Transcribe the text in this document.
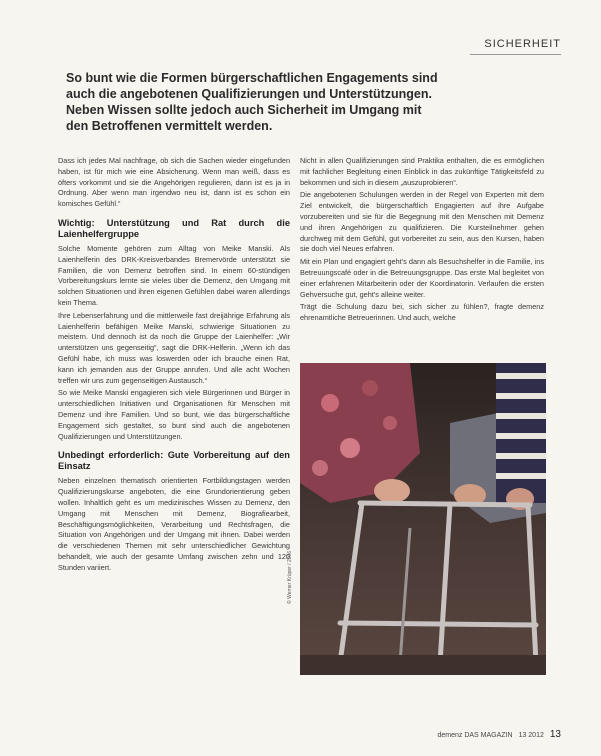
SICHERHEIT
So bunt wie die Formen bürgerschaftlichen Engagements sind auch die angebotenen Qualifizierungen und Unterstützungen. Neben Wissen sollte jedoch auch Sicherheit im Umgang mit den Betroffenen vermittelt werden.

Dass ich jedes Mal nachfrage, ob sich die Sachen wieder eingefunden haben, ist für mich wie eine Absicherung. Wenn man weiß, dass es öfters vorkommt und sie die Angehörigen regulieren, dann ist es ja in Ordnung. Aber wenn man irgendwo neu ist, dann ist es schon ein komisches Gefühl.“

Wichtig: Unterstützung und Rat durch die Laienhelfergruppe

Solche Momente gehören zum Alltag von Meike Manski. Als Laienhelferin des DRK-Kreisverbandes Bremervörde unterstützt sie Familien, die von Demenz betroffen sind. In einem 60-stündigen Vorbereitungskurs lernte sie vieles über die Demenz, den Umgang mit solchen Situationen und ihren eigenen Gefühlen dabei waren allerdings kein Thema.

Ihre Lebenserfahrung und die mittlerweile fast dreijährige Erfahrung als Laienhelferin befähigen Meike Manski, schwierige Situationen zu meistern. Und dennoch ist da noch die Gruppe der Laienhelfer: „Wir unterstützen uns gegenseitig“, sagt die DRK-Helferin. „Wenn ich das Gefühl habe, ich muss was loswerden oder ich brauche einen Rat, kann ich jemanden aus der Gruppe anrufen. Und alle acht Wochen treffen wir uns zum gegenseitigen Austausch.“

So wie Meike Manski engagieren sich viele Bürgerinnen und Bürger in unterschiedlichen Initiativen und Organisationen für Menschen mit Demenz und ihre Familien. Und so bunt, wie das bürgerschaftliche Engagement sich gestaltet, so bunt sind auch die angebotenen Qualifizierungen und Unterstützungen.

Unbedingt erforderlich: Gute Vorbereitung auf den Einsatz

Neben einzelnen thematisch orientierten Fortbildungstagen werden Qualifizierungskurse angeboten, die eine Grundorientierung geben wollen. Inhaltlich geht es um medizinisches Wissen zu Demenz, den Umgang mit Menschen mit Demenz, Biografiearbeit, Beschäftigungsmöglichkeiten, Verarbeitung und Rechtsfragen, die Situation von Angehörigen und der Umgang mit ihnen. Dabei werden die verschiedenen Themen mit sehr unterschiedlicher Gewichtung behandelt, wie auch der gesamte Umfang zwischen zehn und 120 Stunden variiert.

Nicht in allen Qualifizierungen sind Praktika enthalten, die es ermöglichen mit fachlicher Begleitung einen Einblick in das zukünftige Tätigkeitsfeld zu bekommen und sich in diesem „auszuprobieren“.

Die angebotenen Schulungen werden in der Regel von Experten mit dem Ziel entwickelt, die bürgerschaftlich Engagierten auf ihre Aufgabe vorzubereiten und sie für die Begegnung mit den Menschen mit Demenz und ihren Angehörigen zu qualifizieren. Die Kursteilnehmer gehen durchweg mit dem Gefühl, gut vorbereitet zu sein, aus den Kursen, haben sie doch viel Neues erfahren.

Mit ein Plan und engagiert geht's dann als Besuchshelfer in die Familie, ins Betreuungscafé oder in die Betreuungsgruppe. Das erste Mal begleitet von einer erfahrenen Mitarbeiterin oder der Koordinatorin. Verlaufen die ersten Gehversuche gut, geht's alleine weiter.

Trägt die Schulung dazu bei, sich sicher zu fühlen?, fragte demenz ehrenamtliche Betreuerinnen. Und auch, welche

© Werner Krüper / 2006
demenz DAS MAGAZIN 13 2012 13
